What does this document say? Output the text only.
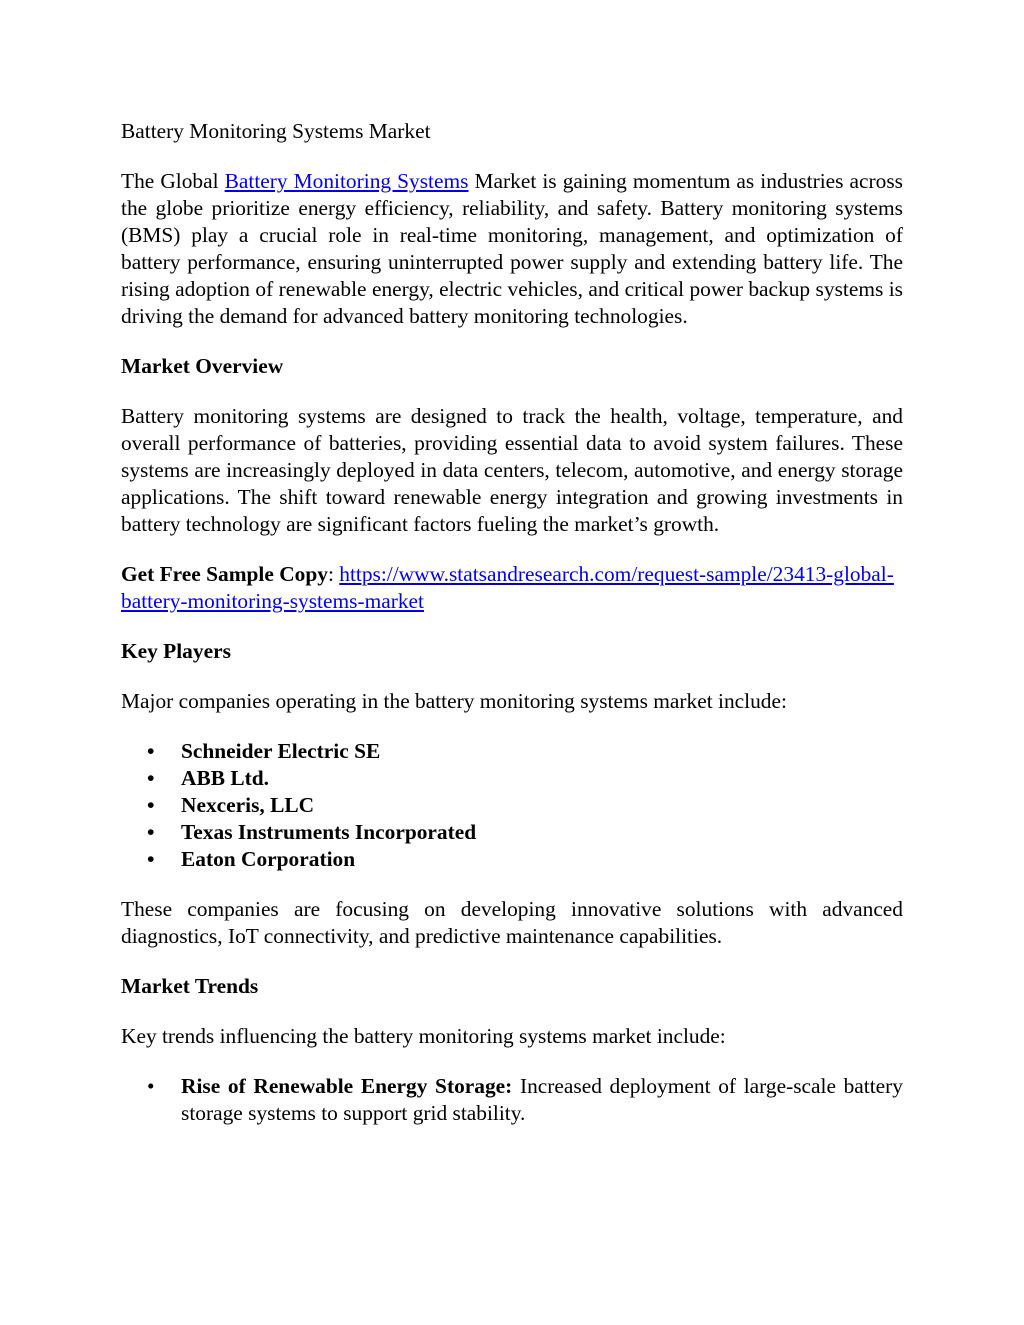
Battery Monitoring Systems Market

The Global Battery Monitoring Systems Market is gaining momentum as industries across the globe prioritize energy efficiency, reliability, and safety. Battery monitoring systems (BMS) play a crucial role in real-time monitoring, management, and optimization of battery performance, ensuring uninterrupted power supply and extending battery life. The rising adoption of renewable energy, electric vehicles, and critical power backup systems is driving the demand for advanced battery monitoring technologies.

Market Overview

Battery monitoring systems are designed to track the health, voltage, temperature, and overall performance of batteries, providing essential data to avoid system failures. These systems are increasingly deployed in data centers, telecom, automotive, and energy storage applications. The shift toward renewable energy integration and growing investments in battery technology are significant factors fueling the market’s growth.

Get Free Sample Copy: https://www.statsandresearch.com/request-sample/23413-global-battery-monitoring-systems-market

Key Players

Major companies operating in the battery monitoring systems market include:

• Schneider Electric SE
• ABB Ltd.
• Nexceris, LLC
• Texas Instruments Incorporated
• Eaton Corporation

These companies are focusing on developing innovative solutions with advanced diagnostics, IoT connectivity, and predictive maintenance capabilities.

Market Trends

Key trends influencing the battery monitoring systems market include:

• Rise of Renewable Energy Storage: Increased deployment of large-scale battery storage systems to support grid stability.
